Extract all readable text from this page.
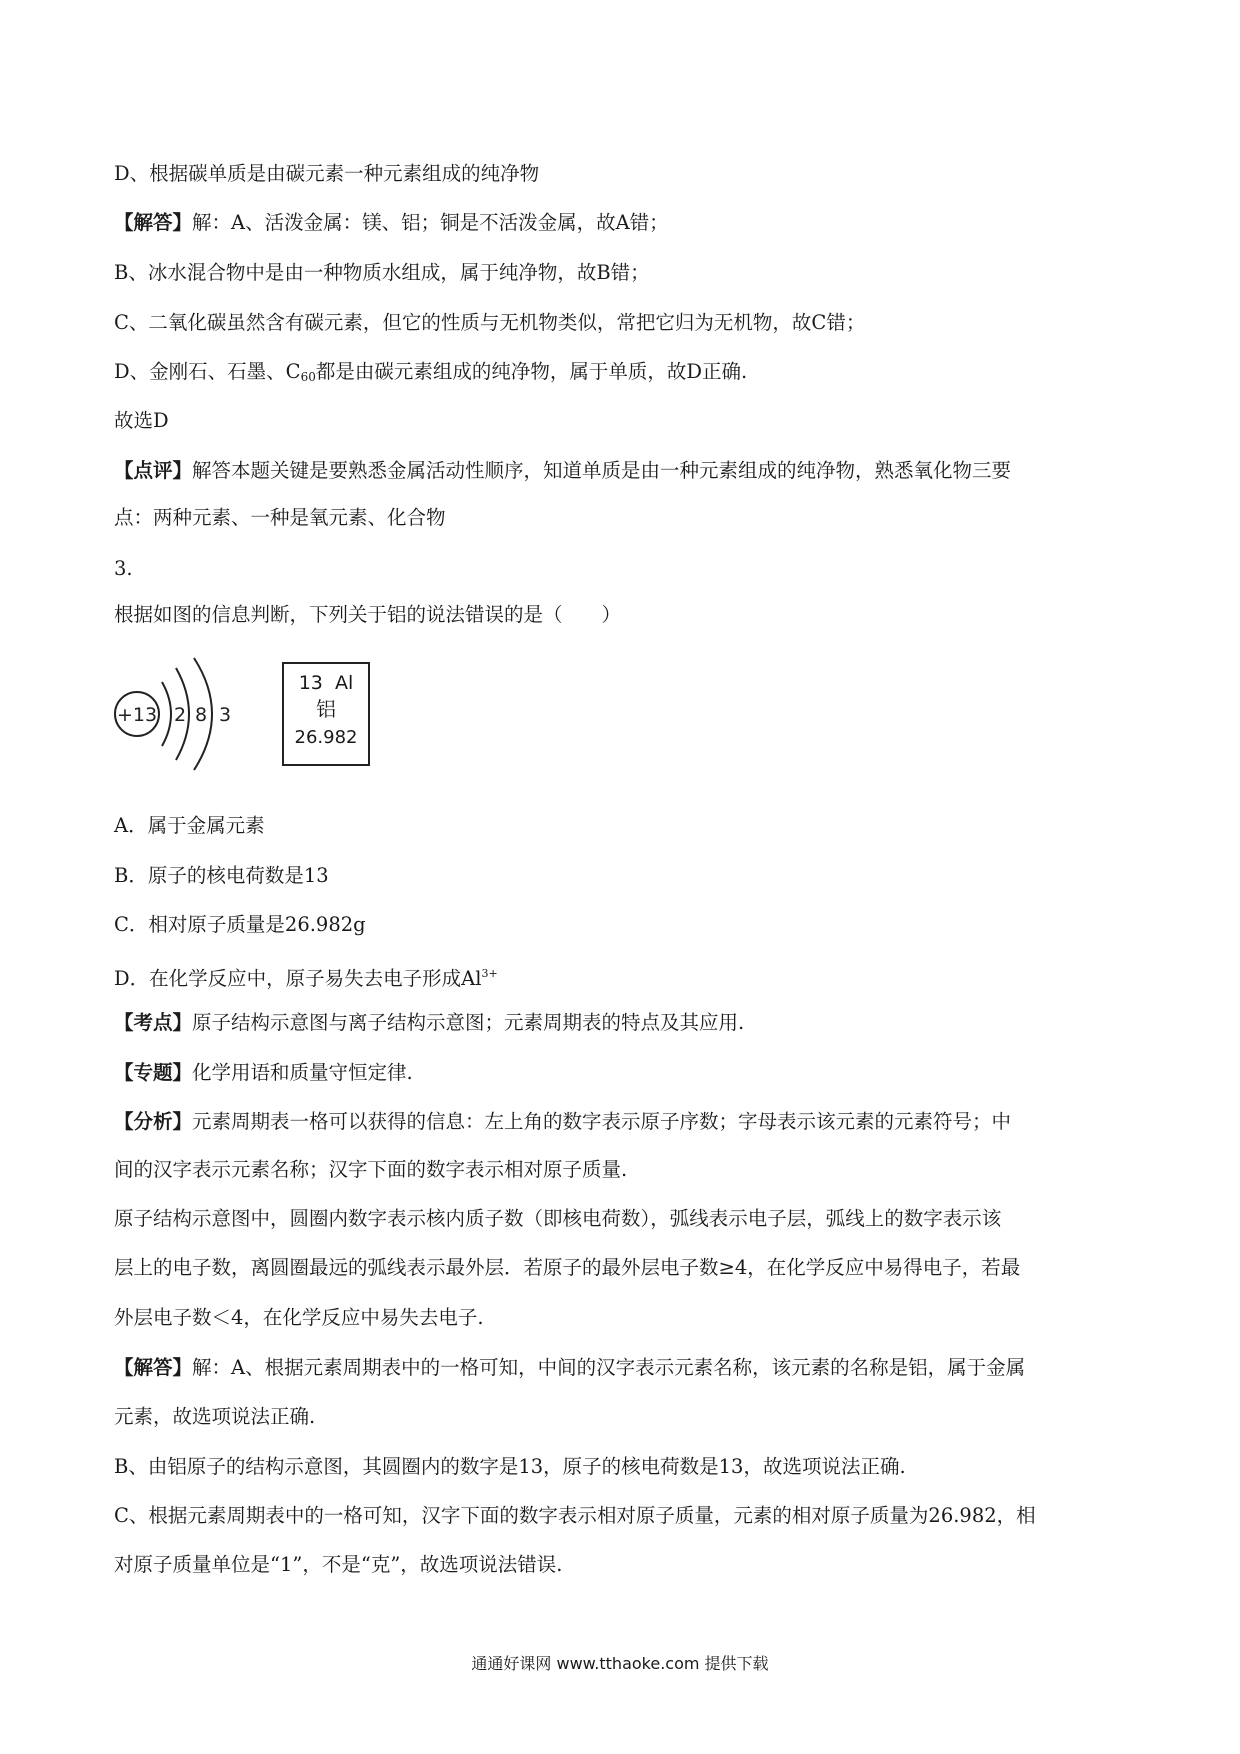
D、根据碳单质是由碳元素一种元素组成的纯净物
【解答】解：A、活泼金属：镁、铝；铜是不活泼金属，故A错；
B、冰水混合物中是由一种物质水组成，属于纯净物，故B错；
C、二氧化碳虽然含有碳元素，但它的性质与无机物类似，常把它归为无机物，故C错；
D、金刚石、石墨、$C_{60}$都是由碳元素组成的纯净物，属于单质，故D正确.
故选D
【点评】解答本题关键是要熟悉金属活动性顺序，知道单质是由一种元素组成的纯净物，熟悉氧化物三要
点：两种元素、一种是氧元素、化合物
3.
根据如图的信息判断，下列关于铝的说法错误的是（　　）
+13 2 8 3
13 Al
铝
26.982
A．属于金属元素
B．原子的核电荷数是13
C．相对原子质量是26.982g
D．在化学反应中，原子易失去电子形成$Al^{3+}$
【考点】原子结构示意图与离子结构示意图；元素周期表的特点及其应用.
【专题】化学用语和质量守恒定律.
【分析】元素周期表一格可以获得的信息：左上角的数字表示原子序数；字母表示该元素的元素符号；中
间的汉字表示元素名称；汉字下面的数字表示相对原子质量.
原子结构示意图中，圆圈内数字表示核内质子数（即核电荷数），弧线表示电子层，弧线上的数字表示该
层上的电子数，离圆圈最远的弧线表示最外层．若原子的最外层电子数≥4，在化学反应中易得电子，若最
外层电子数＜4，在化学反应中易失去电子.
【解答】解：A、根据元素周期表中的一格可知，中间的汉字表示元素名称，该元素的名称是铝，属于金属
元素，故选项说法正确.
B、由铝原子的结构示意图，其圆圈内的数字是13，原子的核电荷数是13，故选项说法正确.
C、根据元素周期表中的一格可知，汉字下面的数字表示相对原子质量，元素的相对原子质量为26.982，相
对原子质量单位是“1”，不是“克”，故选项说法错误.
通通好课网 www.tthaoke.com 提供下载
